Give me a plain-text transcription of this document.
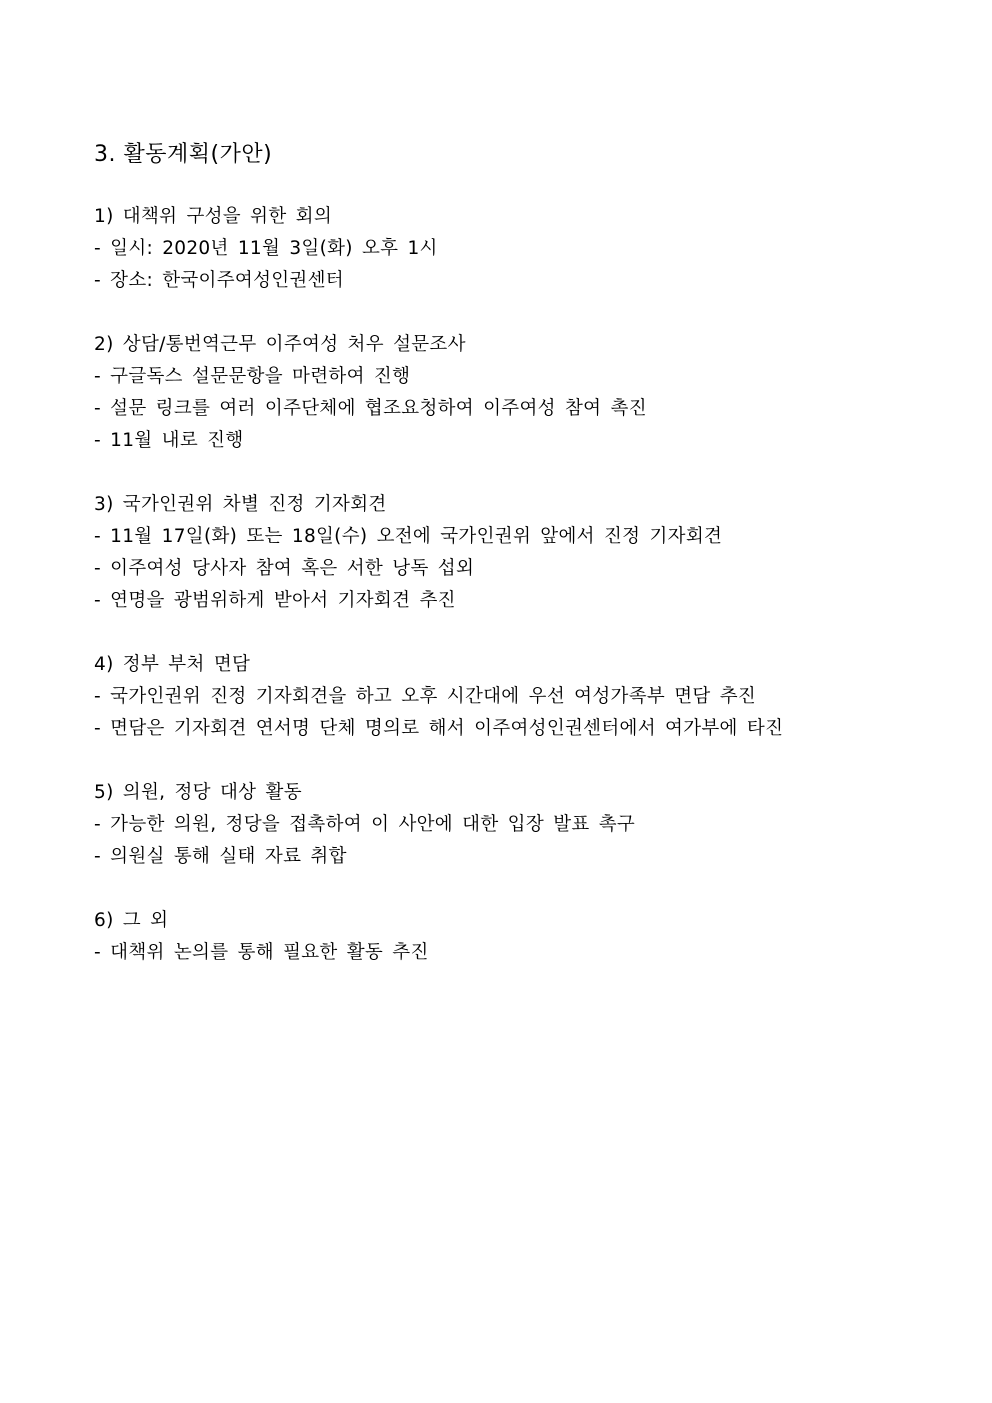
3. 활동계획(가안)
1) 대책위 구성을 위한 회의
- 일시: 2020년 11월 3일(화) 오후 1시
- 장소: 한국이주여성인권센터
2) 상담/통번역근무 이주여성 처우 설문조사
- 구글독스 설문문항을 마련하여 진행
- 설문 링크를 여러 이주단체에 협조요청하여 이주여성 참여 촉진
- 11월 내로 진행
3) 국가인권위 차별 진정 기자회견
- 11월 17일(화) 또는 18일(수) 오전에 국가인권위 앞에서 진정 기자회견
- 이주여성 당사자 참여 혹은 서한 낭독 섭외
- 연명을 광범위하게 받아서 기자회견 추진
4) 정부 부처 면담
- 국가인권위 진정 기자회견을 하고 오후 시간대에 우선 여성가족부 면담 추진
- 면담은 기자회견 연서명 단체 명의로 해서 이주여성인권센터에서 여가부에 타진
5) 의원, 정당 대상 활동
- 가능한 의원, 정당을 접촉하여 이 사안에 대한 입장 발표 촉구
- 의원실 통해 실태 자료 취합
6) 그 외
- 대책위 논의를 통해 필요한 활동 추진
